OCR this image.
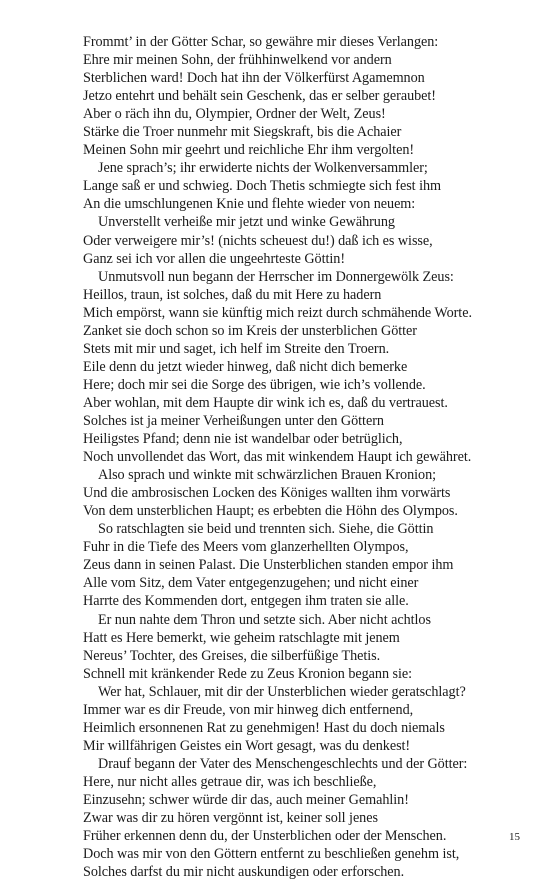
Frommt’ in der Götter Schar, so gewähre mir dieses Verlangen:
Ehre mir meinen Sohn, der frühhinwelkend vor andern
Sterblichen ward! Doch hat ihn der Völkerfürst Agamemnon
Jetzo entehrt und behält sein Geschenk, das er selber geraubet!
Aber o räch ihn du, Olympier, Ordner der Welt, Zeus!
Stärke die Troer nunmehr mit Siegskraft, bis die Achaier
Meinen Sohn mir geehrt und reichliche Ehr ihm vergolten!
Jene sprach’s; ihr erwiderte nichts der Wolkenversammler;
Lange saß er und schwieg. Doch Thetis schmiegte sich fest ihm
An die umschlungenen Knie und flehte wieder von neuem:
Unverstellt verheiße mir jetzt und winke Gewährung
Oder verweigere mir’s! (nichts scheuest du!) daß ich es wisse,
Ganz sei ich vor allen die ungeehrteste Göttin!
Unmutsvoll nun begann der Herrscher im Donnergewölk Zeus:
Heillos, traun, ist solches, daß du mit Here zu hadern
Mich empörst, wann sie künftig mich reizt durch schmähende Worte.
Zanket sie doch schon so im Kreis der unsterblichen Götter
Stets mit mir und saget, ich helf im Streite den Troern.
Eile denn du jetzt wieder hinweg, daß nicht dich bemerke
Here; doch mir sei die Sorge des übrigen, wie ich’s vollende.
Aber wohlan, mit dem Haupte dir wink ich es, daß du vertrauest.
Solches ist ja meiner Verheißungen unter den Göttern
Heiligstes Pfand; denn nie ist wandelbar oder betrüglich,
Noch unvollendet das Wort, das mit winkendem Haupt ich gewähret.
Also sprach und winkte mit schwärzlichen Brauen Kronion;
Und die ambrosischen Locken des Königes wallten ihm vorwärts
Von dem unsterblichen Haupt; es erbebten die Höhn des Olympos.
So ratschlagten sie beid und trennten sich. Siehe, die Göttin
Fuhr in die Tiefe des Meers vom glanzerhellten Olympos,
Zeus dann in seinen Palast. Die Unsterblichen standen empor ihm
Alle vom Sitz, dem Vater entgegenzugehen; und nicht einer
Harrte des Kommenden dort, entgegen ihm traten sie alle.
Er nun nahte dem Thron und setzte sich. Aber nicht achtlos
Hatt es Here bemerkt, wie geheim ratschlagte mit jenem
Nereus’ Tochter, des Greises, die silberfüßige Thetis.
Schnell mit kränkender Rede zu Zeus Kronion begann sie:
Wer hat, Schlauer, mit dir der Unsterblichen wieder geratschlagt?
Immer war es dir Freude, von mir hinweg dich entfernend,
Heimlich ersonnenen Rat zu genehmigen! Hast du doch niemals
Mir willfährigen Geistes ein Wort gesagt, was du denkest!
Drauf begann der Vater des Menschengeschlechts und der Götter:
Here, nur nicht alles getraue dir, was ich beschließe,
Einzusehn; schwer würde dir das, auch meiner Gemahlin!
Zwar was dir zu hören vergönnt ist, keiner soll jenes
Früher erkennen denn du, der Unsterblichen oder der Menschen.
Doch was mir von den Göttern entfernt zu beschließen genehm ist,
Solches darfst du mir nicht auskundigen oder erforschen.
15
